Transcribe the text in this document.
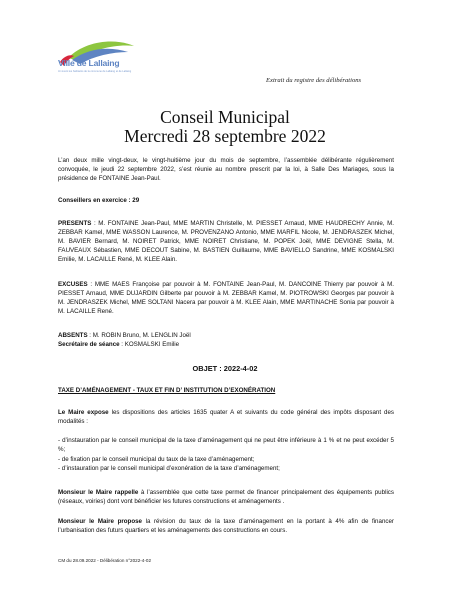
Ville de Lallaing
Ici vivent les habitants de la commune de Lallaing et de Lallaing
Extrait du registre des délibérations
Conseil Municipal
Mercredi 28 septembre 2022
L’an deux mille vingt-deux, le vingt-huitième jour du mois de septembre, l’assemblée délibérante régulièrement convoquée, le jeudi 22 septembre 2022, s’est réunie au nombre prescrit par la loi, à Salle Des Mariages, sous la présidence de FONTAINE Jean-Paul.
Conseillers en exercice : 29
PRESENTS : M. FONTAINE Jean-Paul, MME MARTIN Christelle, M. PIESSET Arnaud, MME HAUDRECHY Annie, M. ZEBBAR Kamel, MME WASSON Laurence, M. PROVENZANO Antonio, MME MARFIL Nicole, M. JENDRASZEK Michel, M. BAVIER Bernard, M. NOIRET Patrick, MME NOIRET Christiane, M. POPEK Joël, MME DEVIGNE Stella, M. FAUVEAUX Sébastien, MME DECOUT Sabine, M. BASTIEN Guillaume, MME BAVIELLO Sandrine, MME KOSMALSKI Emilie, M. LACAILLE René, M. KLEE Alain.
EXCUSES : MME MAES Françoise par pouvoir à M. FONTAINE Jean-Paul, M. DANCOINE Thierry par pouvoir à M. PIESSET Arnaud, MME DUJARDIN Gilberte par pouvoir à M. ZEBBAR Kamel, M. PIOTROWSKI Georges par pouvoir à M. JENDRASZEK Michel, MME SOLTANI Nacera par pouvoir à M. KLEE Alain, MME MARTINACHE Sonia par pouvoir à M. LACAILLE René.
ABSENTS : M. ROBIN Bruno, M. LENGLIN Joël
Secrétaire de séance : KOSMALSKI Emilie
OBJET : 2022-4-02
TAXE D’AMÉNAGEMENT - TAUX ET FIN D’ INSTITUTION D’EXONÉRATION
Le Maire expose les dispositions des articles 1635 quater A et suivants du code général des impôts disposant des modalités :
- d’instauration par le conseil municipal de la taxe d’aménagement qui ne peut être inférieure à 1 % et ne peut excéder 5 %;
- de fixation par le conseil municipal du taux de la taxe d’aménagement;
- d’instauration par le conseil municipal d’exonération de la taxe d’aménagement;
Monsieur le Maire rappelle à l’assemblée que cette taxe permet de financer principalement des équipements publics (réseaux, voiries) dont vont bénéficier les futures constructions et aménagements .
Monsieur le Maire propose la révision du taux de la taxe d’aménagement en la portant à 4% afin de financer l’urbanisation des futurs quartiers et les aménagements des constructions en cours.
CM du 28.09.2022 - Délibération n°2022-4-02
